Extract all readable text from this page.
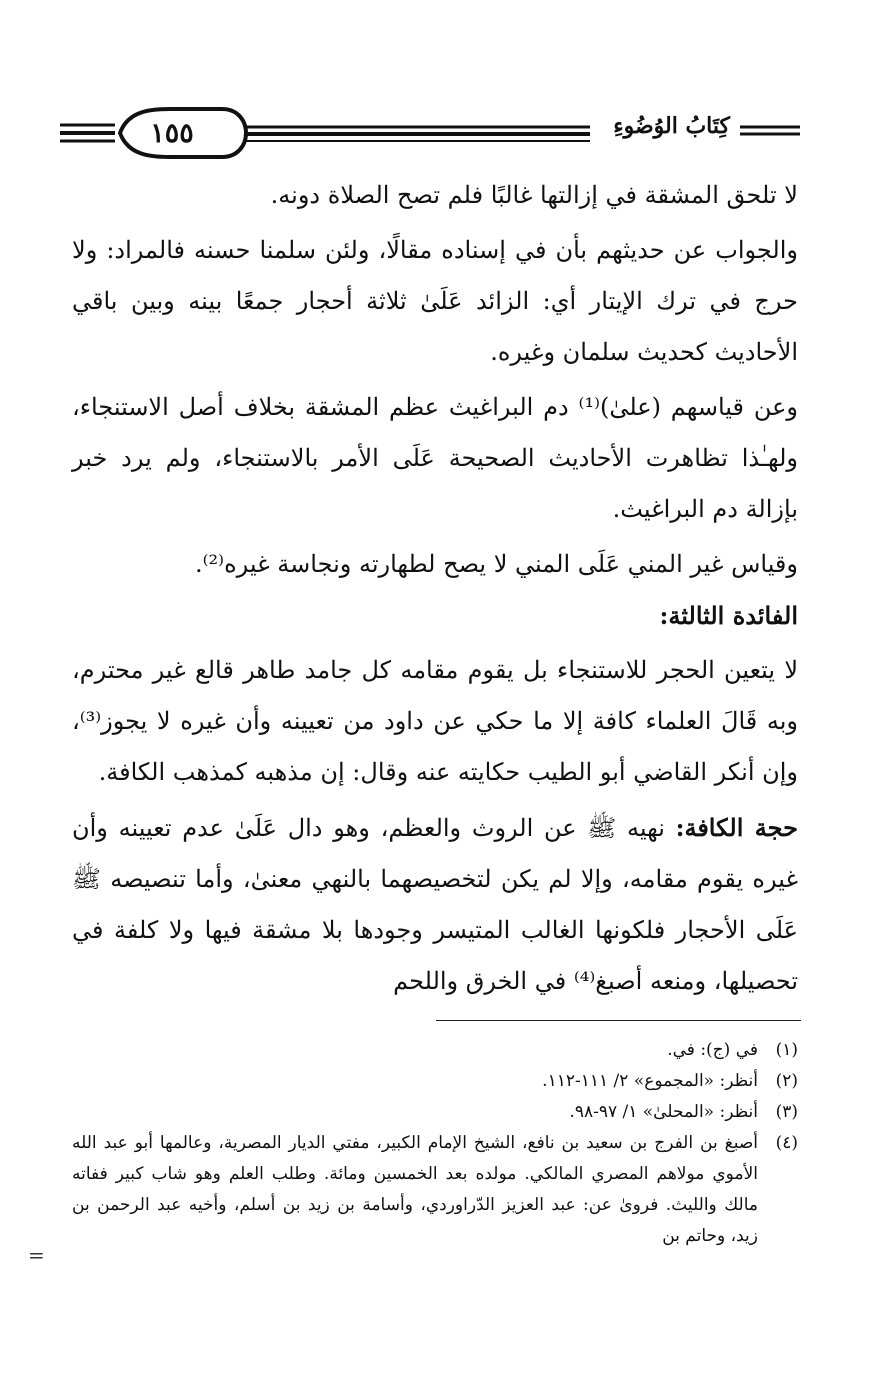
١٥٥	كِتَابُ الوُضُوءِ

لا تلحق المشقة في إزالتها غالبًا فلم تصح الصلاة دونه.

والجواب عن حديثهم بأن في إسناده مقالًا، ولئن سلمنا حسنه فالمراد: ولا حرج في ترك الإيتار أي: الزائد عَلَىٰ ثلاثة أحجار جمعًا بينه وبين باقي الأحاديث كحديث سلمان وغيره.

وعن قياسهم (علىٰ)⁽¹⁾ دم البراغيث عظم المشقة بخلاف أصل الاستنجاء، ولهـٰذا تظاهرت الأحاديث الصحيحة عَلَى الأمر بالاستنجاء، ولم يرد خبر بإزالة دم البراغيث.

وقياس غير المني عَلَى المني لا يصح لطهارته ونجاسة غيره⁽²⁾.

الفائدة الثالثة:

لا يتعين الحجر للاستنجاء بل يقوم مقامه كل جامد طاهر قالع غير محترم، وبه قَالَ العلماء كافة إلا ما حكي عن داود من تعيينه وأن غيره لا يجوز⁽³⁾، وإن أنكر القاضي أبو الطيب حكايته عنه وقال: إن مذهبه كمذهب الكافة.

حجة الكافة: نهيه ﷺ عن الروث والعظم، وهو دال عَلَىٰ عدم تعيينه وأن غيره يقوم مقامه، وإلا لم يكن لتخصيصهما بالنهي معنىٰ، وأما تنصيصه ﷺ عَلَى الأحجار فلكونها الغالب المتيسر وجودها بلا مشقة فيها ولا كلفة في تحصيلها، ومنعه أصبغ⁽⁴⁾ في الخرق واللحم

(١)
في (ج): في.
(٢)
أنظر: «المجموع» ٢/ ١١١-١١٢.
(٣)
أنظر: «المحلىٰ» ١/ ٩٧-٩٨.
(٤)
أصبغ بن الفرج بن سعيد بن نافع، الشيخ الإمام الكبير، مفتي الديار المصرية، وعالمها أبو عبد الله الأموي مولاهم المصري المالكي. مولده بعد الخمسين ومائة. وطلب العلم وهو شاب كبير ففاته مالك والليث. فروىٰ عن: عبد العزيز الدّراوردي، وأسامة بن زيد بن أسلم، وأخيه عبد الرحمن بن زيد، وحاتم بن
=
